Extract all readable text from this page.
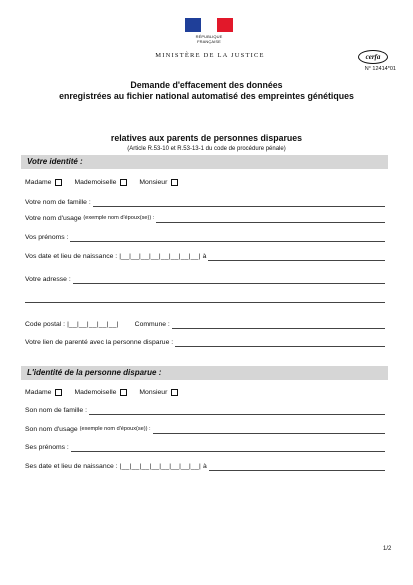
RÉPUBLIQUE FRANÇAISE
MINISTÈRE DE LA JUSTICE	cerfa
N° 12414*01
Demande d'effacement des données
enregistrées au fichier national automatisé des empreintes génétiques
relatives aux parents de personnes disparues
(Article R.53-10 et R.53-13-1 du code de procédure pénale)
Votre identité :
Madame	Mademoiselle	Monsieur
Votre nom de famille :
Votre nom d'usage
(exemple nom d'époux(se)) :
Vos prénoms :
Vos date et lieu de naissance : |__|__|__|__|__|__|__|__| à
Votre adresse :
Code postal : |__|__|__|__|__| Commune :
Votre lien de parenté avec la personne disparue :
L'identité de la personne disparue :
Madame	Mademoiselle	Monsieur
Son nom de famille :
Son nom d'usage
(exemple nom d'époux(se)) :
Ses prénoms :
Ses date et lieu de naissance : |__|__|__|__|__|__|__|__| à
1/2
